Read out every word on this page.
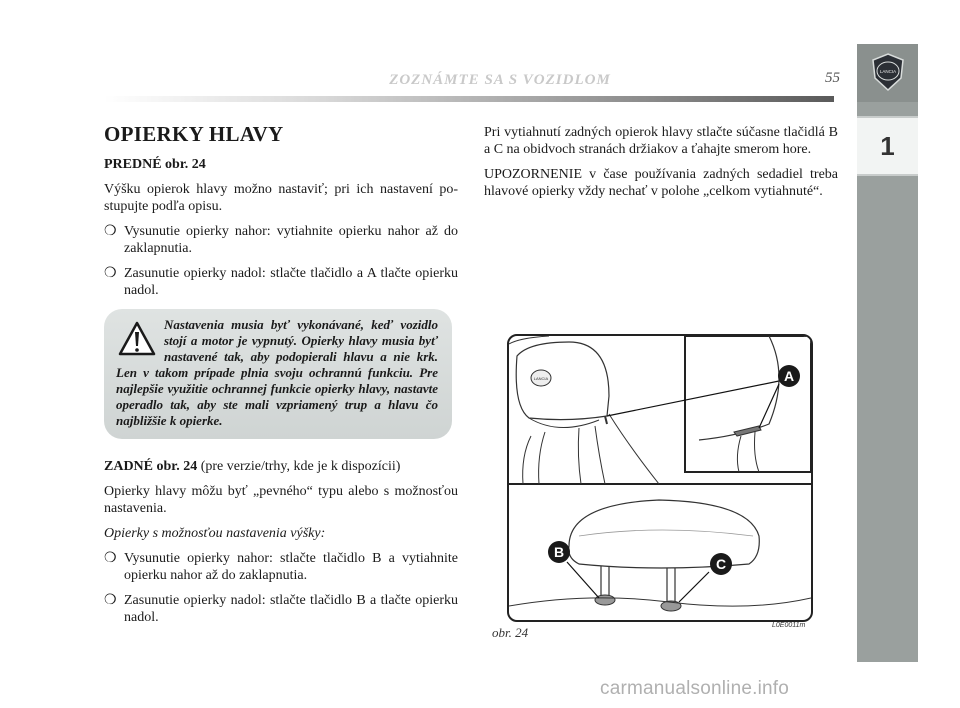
ZOZNÁMTE SA S VOZIDLOM	55	LANCIA
1
OPIERKY HLAVY
PREDNÉ obr. 24

Výšku opierok hlavy možno nastaviť; pri ich nastavení postupujte podľa opisu.

❍ Vysunutie opierky nahor: vytiahnite opierku nahor až do zaklapnutia.
❍ Zasunutie opierky nadol: stlačte tlačidlo a A tlačte opierku nadol.

Nastavenia musia byť vykonávané, keď vozidlo stojí a motor je vypnutý. Opierky hlavy musia byť nastavené tak, aby podopierali hlavu a nie krk. Len v takom prípade plnia svoju ochrannú funkciu. Pre najlepšie využitie ochrannej funkcie opierky hlavy, nastavte operadlo tak, aby ste mali vzpriamený trup a hlavu čo najbližšie k opierke.

ZADNÉ obr. 24 (pre verzie/trhy, kde je k dispozícii)

Opierky hlavy môžu byť „pevného“ typu alebo s možnosťou nastavenia.

Opierky s možnosťou nastavenia výšky:

❍ Vysunutie opierky nahor: stlačte tlačidlo B a vytiahnite opierku nahor až do zaklapnutia.
❍ Zasunutie opierky nadol: stlačte tlačidlo B a tlačte opierku nadol.

Pri vytiahnutí zadných opierok hlavy stlačte súčasne tlačidlá B a C na obidvoch stranách držiakov a ťahajte smerom hore.

UPOZORNENIE v čase používania zadných sedadiel treba hlavové opierky vždy nechať v polohe „celkom vytiahnuté“.

LANCIA	A
B
C
obr. 24	L0E0011m
carmanualsonline.info
